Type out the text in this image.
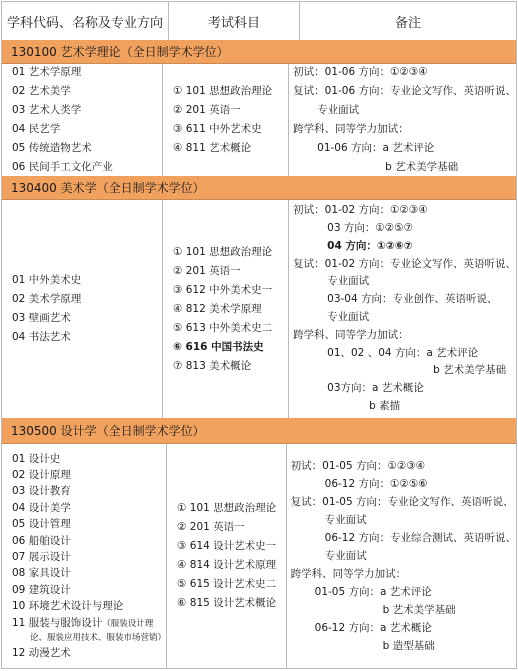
学科代码、名称及专业方向	考试科目	备注
130100 艺术学理论（全日制学术学位）
01 艺术学原理
02 艺术美学
03 艺术人类学
04 民艺学
05 传统造物艺术
06 民间手工文化产业
① 101 思想政治理论
② 201 英语一
③ 611 中外艺术史
④ 811 艺术概论
初试：01-06 方向：①②③④
复试：01-06 方向：专业论文写作、英语听说、
专业面试
跨学科、同等学力加试：
01-06 方向：a 艺术评论
b 艺术美学基础
130400 美术学（全日制学术学位）
01 中外美术史
02 美术学原理
03 壁画艺术
04 书法艺术
① 101 思想政治理论
② 201 英语一
③ 612 中外美术史一
④ 812 美术学原理
⑤ 613 中外美术史二
⑥ 616 中国书法史
⑦ 813 美术概论
初试：01-02 方向：①②③④
03 方向：①②⑤⑦
04 方向：①②⑥⑦
复试：01-02 方向：专业论文写作、英语听说、
专业面试
03-04 方向：专业创作、英语听说、
专业面试
跨学科、同等学力加试：
01、02 、04 方向：a 艺术评论
b 艺术美学基础
03方向：a 艺术概论
b 素描
130500 设计学（全日制学术学位）
01 设计史
02 设计原理
03 设计教育
04 设计美学
05 设计管理
06 船舶设计
07 展示设计
08 家具设计
09 建筑设计
10 环境艺术设计与理论
11 服装与服饰设计（服装设计理
论、服装应用技术、服装市场营销）
12 动漫艺术
① 101 思想政治理论
② 201 英语一
③ 614 设计艺术史一
④ 814 设计艺术原理
⑤ 615 设计艺术史二
⑥ 815 设计艺术概论
初试：01-05 方向：①②③④
06-12 方向：①②⑤⑥
复试：01-05 方向：专业论文写作、英语听说、
专业面试
06-12 方向：专业综合测试、英语听说、
专业面试
跨学科、同等学力加试：
01-05 方向：a 艺术评论
b 艺术美学基础
06-12 方向：a 艺术概论
b 造型基础
